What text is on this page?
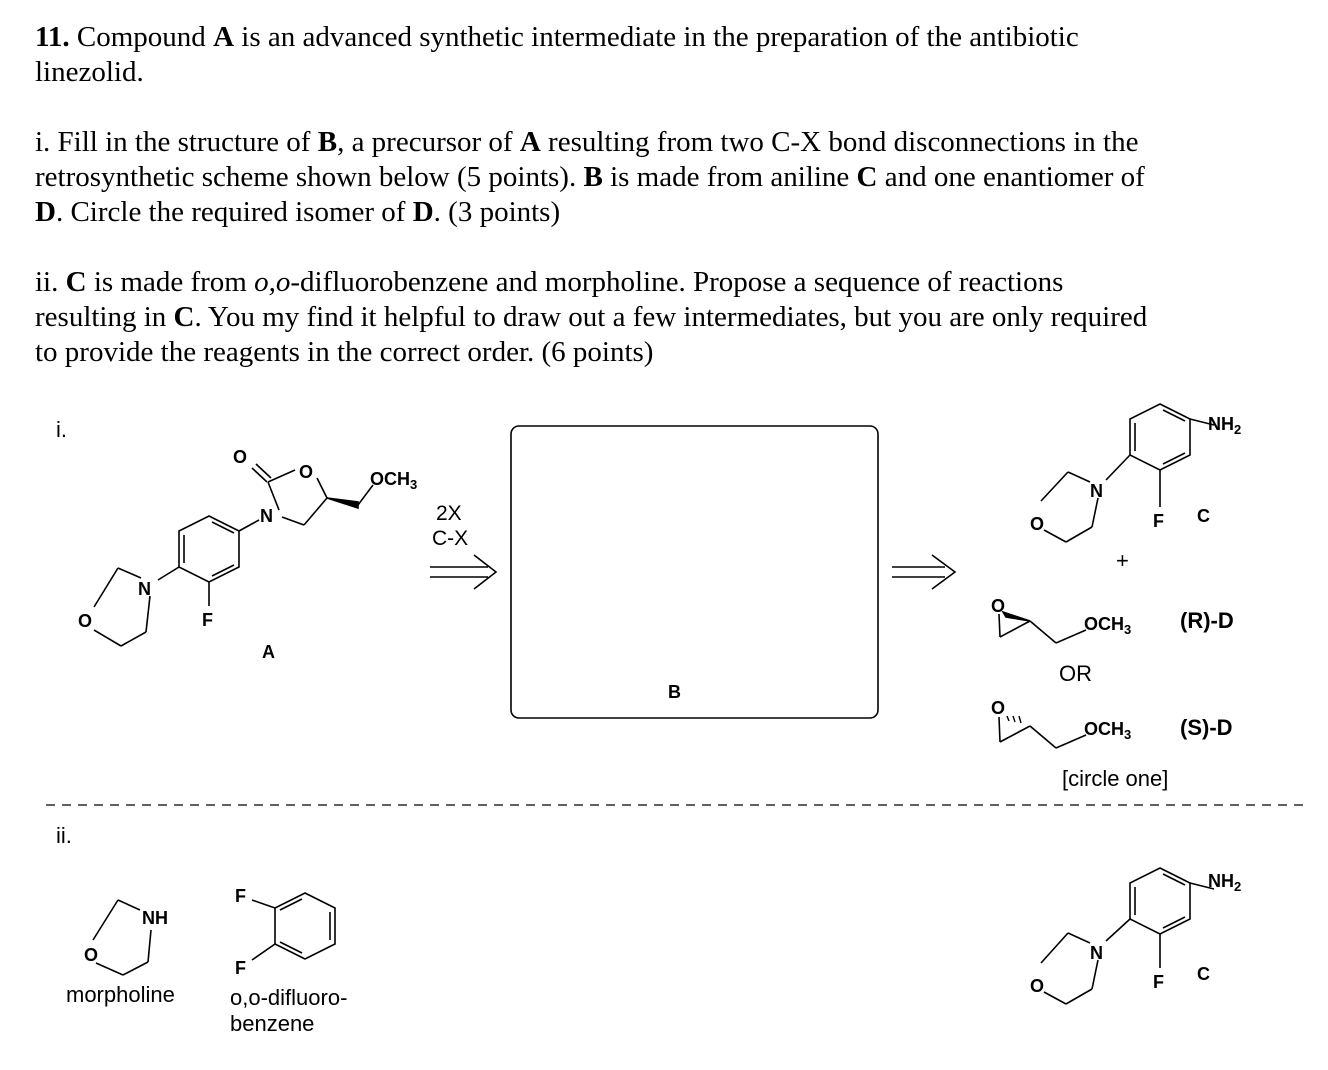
11. Compound A is an advanced synthetic intermediate in the preparation of the antibiotic linezolid.

i. Fill in the structure of B, a precursor of A resulting from two C-X bond disconnections in the retrosynthetic scheme shown below (5 points). B is made from aniline C and one enantiomer of D. Circle the required isomer of D. (3 points)

ii. C is made from o,o-difluorobenzene and morpholine. Propose a sequence of reactions resulting in C. You my find it helpful to draw out a few intermediates, but you are only required to provide the reagents in the correct order. (6 points)

i.
O
O
N
$OCH_3$
N
O	F
A
2X
C-X
B
$NH_2$
N
O	F C
+
O
$OCH_3$ (R)-D
OR
O
$OCH_3$ (S)-D
[circle one]
ii.
NH
O
morpholine
F
F
o,o-difluoro-
benzene
$NH_2$
N
O	F C
